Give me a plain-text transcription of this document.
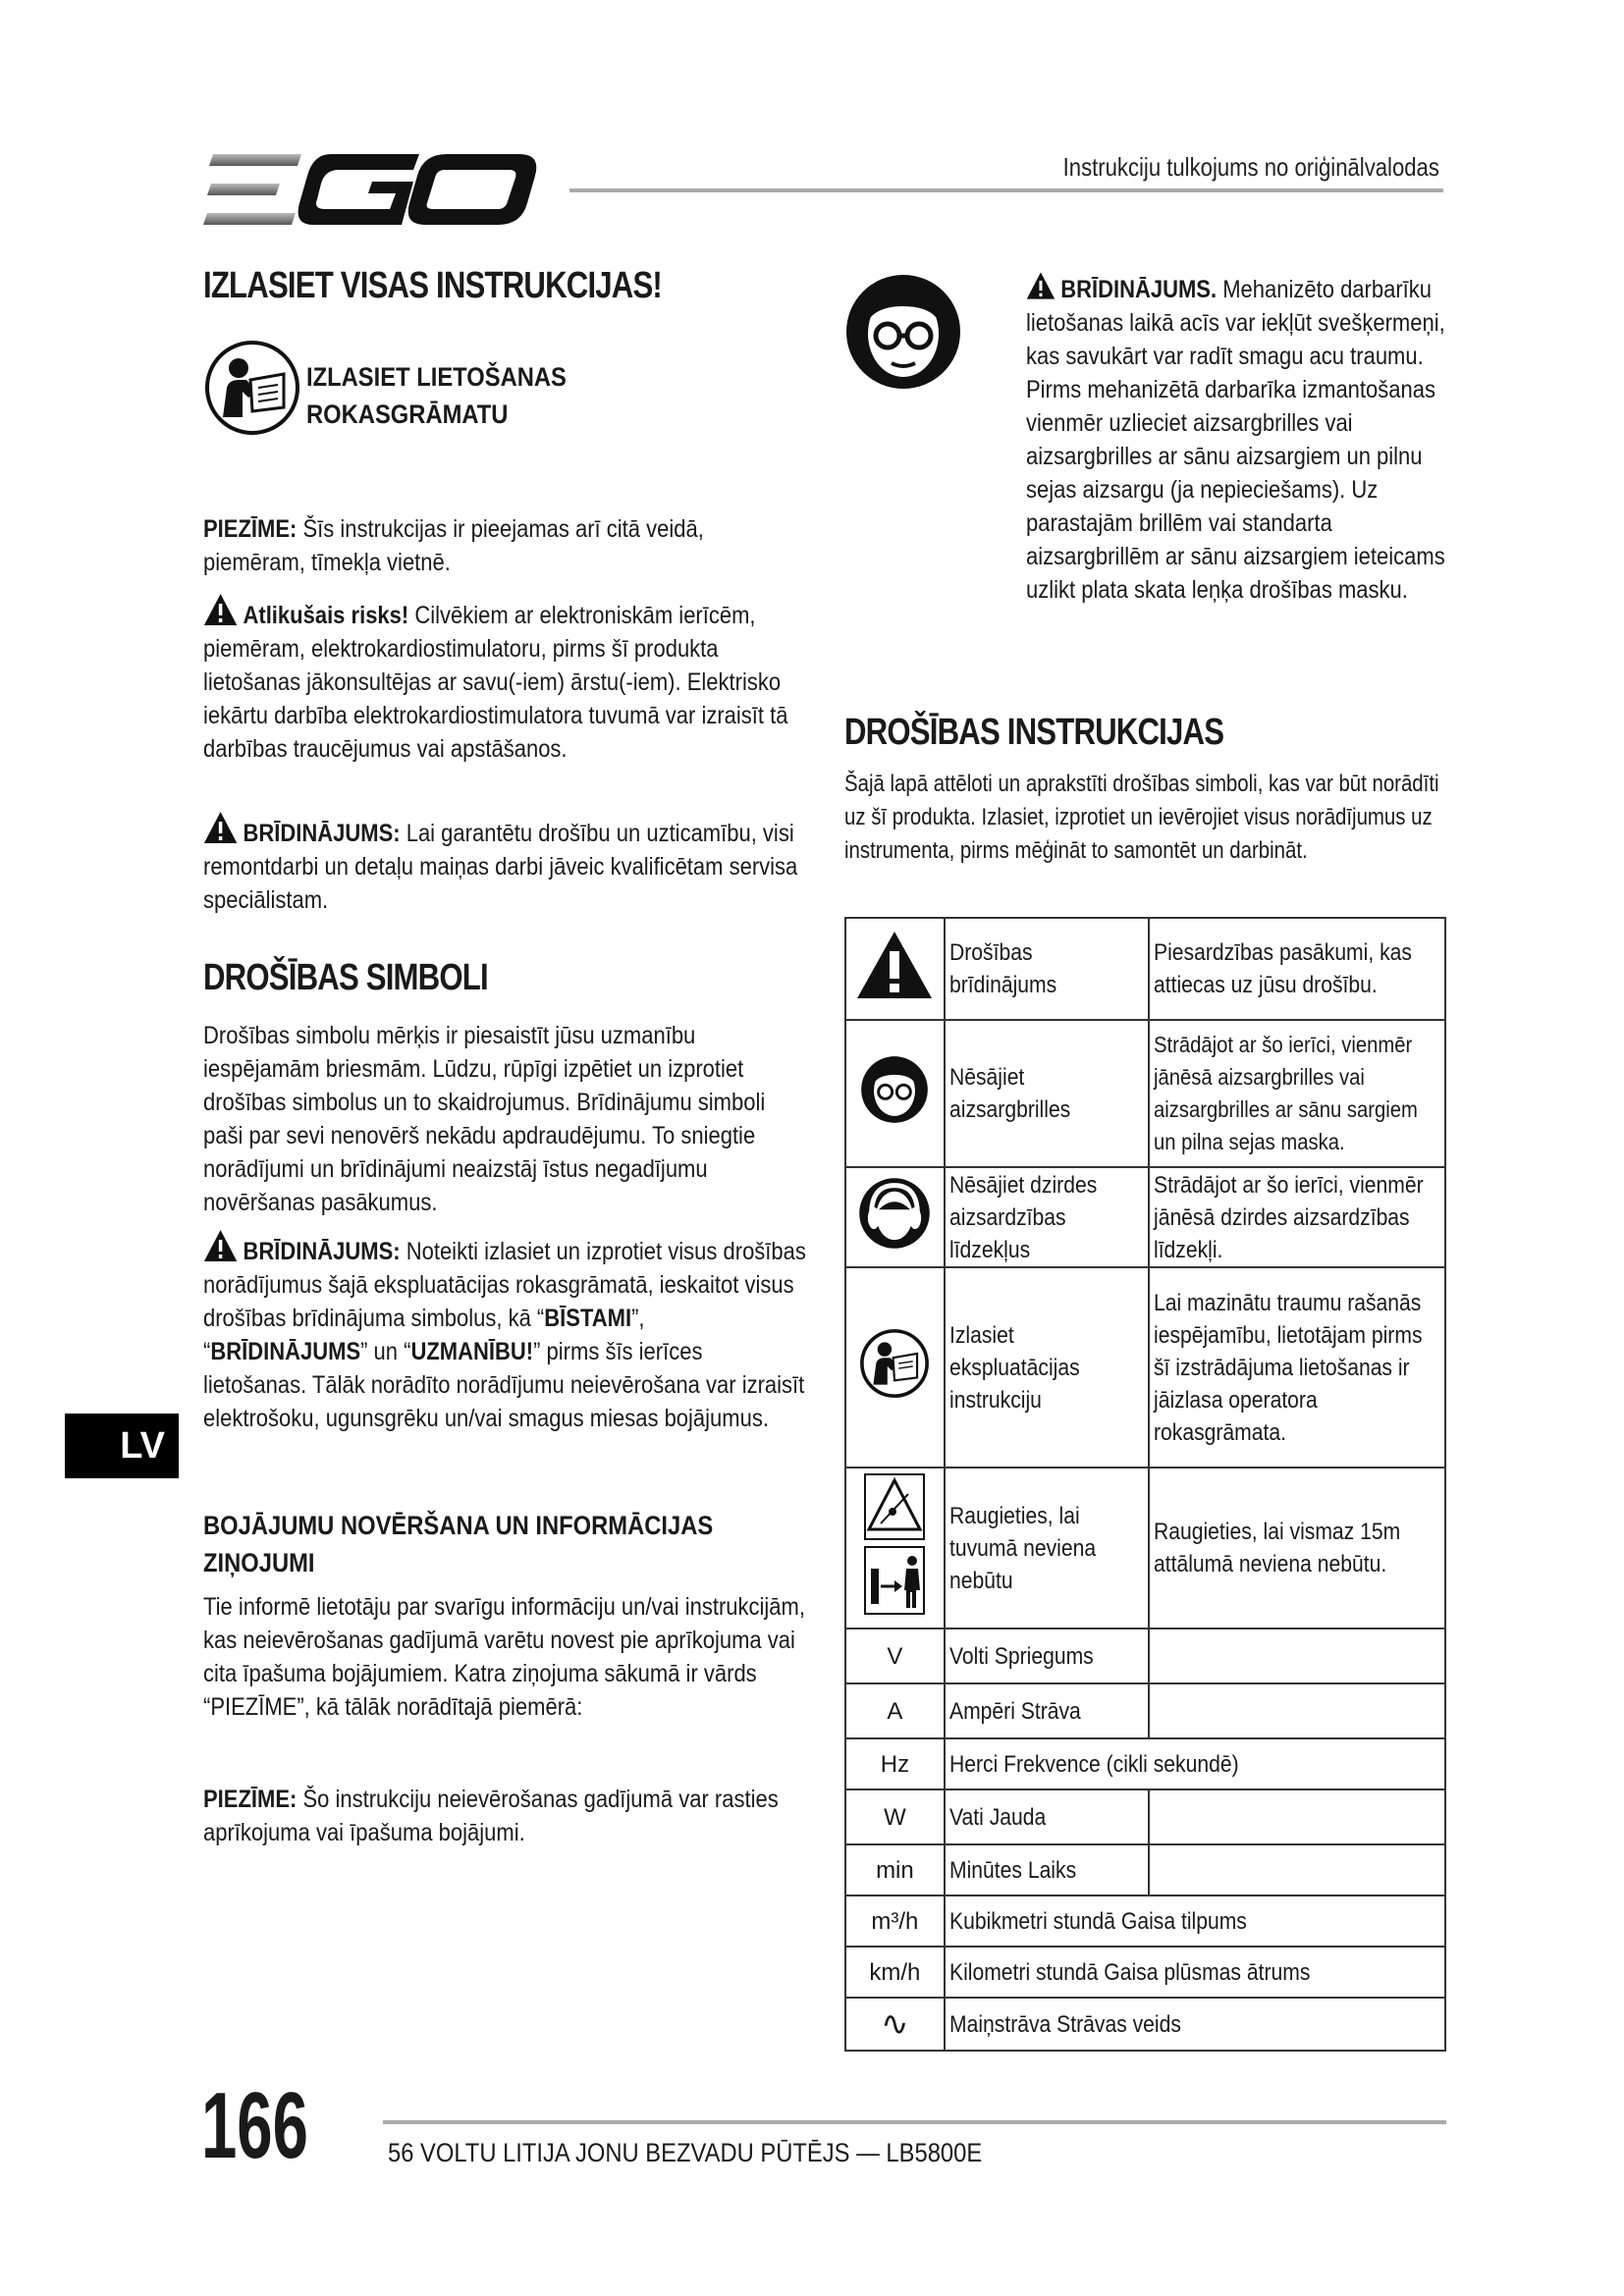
Instrukciju tulkojums no oriģinālvalodas
IZLASIET VISAS INSTRUKCIJAS!
IZLASIET LIETOŠANAS
ROKASGRĀMATU

PIEZĪME: Šīs instrukcijas ir pieejamas arī citā veidā, piemēram, tīmekļa vietnē.

Atlikušais risks! Cilvēkiem ar elektroniskām ierīcēm, piemēram, elektrokardiostimulatoru, pirms šī produkta lietošanas jākonsultējas ar savu(-iem) ārstu(-iem). Elektrisko iekārtu darbība elektrokardiostimulatora tuvumā var izraisīt tā darbības traucējumus vai apstāšanos.

BRĪDINĀJUMS: Lai garantētu drošību un uzticamību, visi remontdarbi un detaļu maiņas darbi jāveic kvalificētam servisa speciālistam.

DROŠĪBAS SIMBOLI

Drošības simbolu mērķis ir piesaistīt jūsu uzmanību iespējamām briesmām. Lūdzu, rūpīgi izpētiet un izprotiet drošības simbolus un to skaidrojumus. Brīdinājumu simboli paši par sevi nenovērš nekādu apdraudējumu. To sniegtie norādījumi un brīdinājumi neaizstāj īstus negadījumu novēršanas pasākumus.

BRĪDINĀJUMS: Noteikti izlasiet un izprotiet visus drošības norādījumus šajā ekspluatācijas rokasgrāmatā, ieskaitot visus drošības brīdinājuma simbolus, kā “BĪSTAMI”, “BRĪDINĀJUMS” un “UZMANĪBU!” pirms šīs ierīces lietošanas. Tālāk norādīto norādījumu neievērošana var izraisīt elektrošoku, ugunsgrēku un/vai smagus miesas bojājumus.

BOJĀJUMU NOVĒRŠANA UN INFORMĀCIJAS ZIŅOJUMI

Tie informē lietotāju par svarīgu informāciju un/vai instrukcijām, kas neievērošanas gadījumā varētu novest pie aprīkojuma vai cita īpašuma bojājumiem. Katra ziņojuma sākumā ir vārds “PIEZĪME”, kā tālāk norādītajā piemērā:

PIEZĪME: Šo instrukciju neievērošanas gadījumā var rasties aprīkojuma vai īpašuma bojājumi.

BRĪDINĀJUMS. Mehanizēto darbarīku lietošanas laikā acīs var iekļūt svešķermeņi, kas savukārt var radīt smagu acu traumu. Pirms mehanizētā darbarīka izmantošanas vienmēr uzlieciet aizsargbrilles vai aizsargbrilles ar sānu aizsargiem un pilnu sejas aizsargu (ja nepieciešams). Uz parastajām brillēm vai standarta aizsargbrillēm ar sānu aizsargiem ieteicams uzlikt plata skata leņķa drošības masku.

DROŠĪBAS INSTRUKCIJAS

Šajā lapā attēloti un aprakstīti drošības simboli, kas var būt norādīti uz šī produkta. Izlasiet, izprotiet un ievērojiet visus norādījumus uz instrumenta, pirms mēģināt to samontēt un darbināt.

	Drošības brīdinājums	Piesardzības pasākumi, kas attiecas uz jūsu drošību.
	Nēsājiet aizsargbrilles	Strādājot ar šo ierīci, vienmēr jānēsā aizsargbrilles vai aizsargbrilles ar sānu sargiem un pilna sejas maska.
	Nēsājiet dzirdes aizsardzības līdzekļus	Strādājot ar šo ierīci, vienmēr jānēsā dzirdes aizsardzības līdzekļi.
	Izlasiet ekspluatācijas instrukciju	Lai mazinātu traumu rašanās iespējamību, lietotājam pirms šī izstrādājuma lietošanas ir jāizlasa operatora rokasgrāmata.
	Raugieties, lai tuvumā neviena nebūtu	Raugieties, lai vismaz 15m attālumā neviena nebūtu.
V	Volti Spriegums	
A	Ampēri Strāva	
Hz	Herci Frekvence (cikli sekundē)	
W	Vati Jauda	
min	Minūtes Laiks	
m³/h	Kubikmetri stundā Gaisa tilpums	
km/h	Kilometri stundā Gaisa plūsmas ātrums	
∿	Maiņstrāva Strāvas veids	
LV
166	56 VOLTU LITIJA JONU BEZVADU PŪTĒJS — LB5800E
